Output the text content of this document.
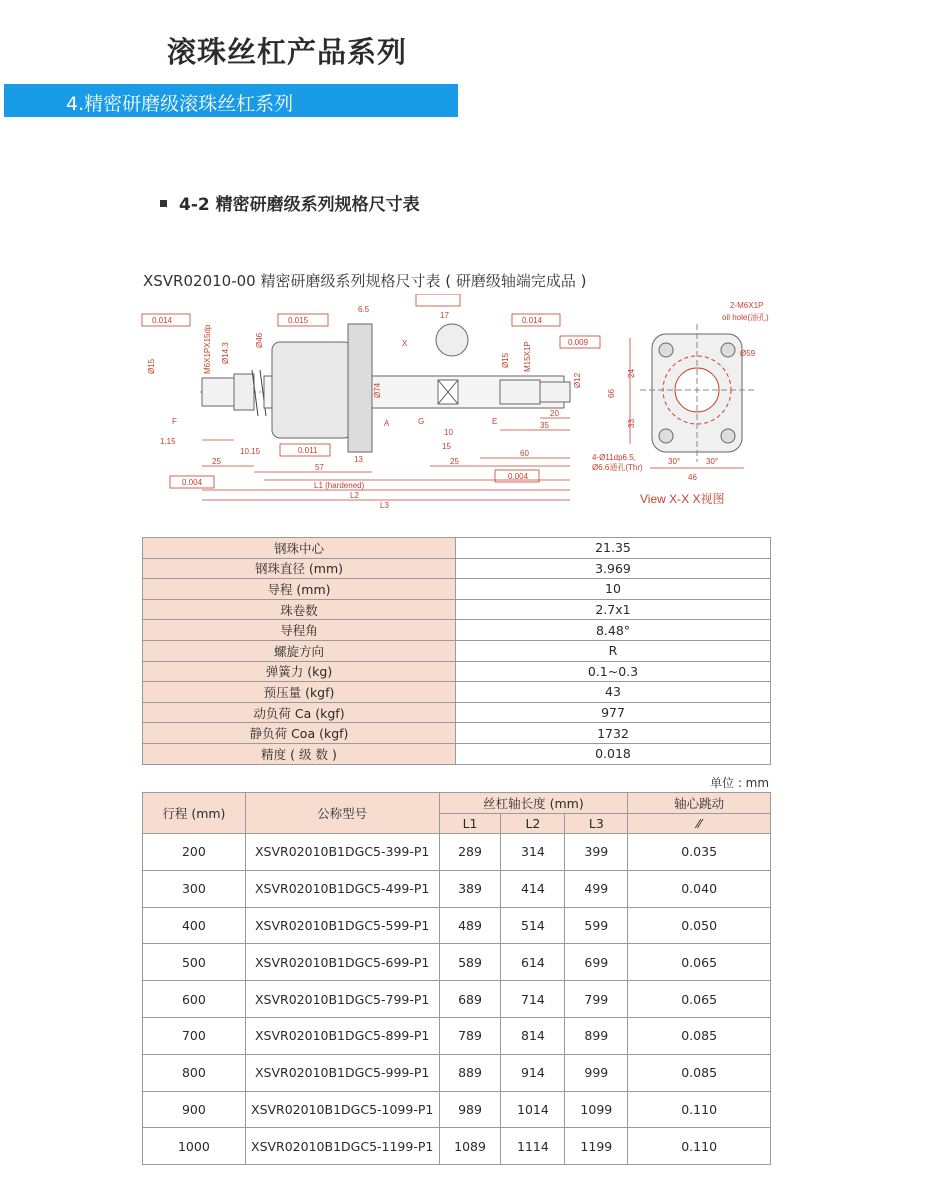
滚珠丝杠产品系列
4.精密研磨级滚珠丝杠系列
4-2 精密研磨级系列规格尺寸表
XSVR02010-00 精密研磨级系列规格尺寸表 ( 研磨级轴端完成品 )
0.014	0.015	0.014
0.009
0.011
0.004
0.004
6.5
17
1.15
25
10.15
57
13
10
15
25
60
20
35
L1 (hardened)
L2
L3
Ø15	M6X1PX15dp Ø14.3
Ø46
Ø74
Ø15 M15X1P
Ø12
F	A	G	E
X
2-M6X1P
oil hole(油孔)
Ø59
66
24
33
4-Ø11dp6.5,
Ø6.6通孔(Thr)
30°	30°
46
View X-X X视图
钢珠中心	21.35
钢珠直径 (mm)	3.969
导程 (mm)	10
珠卷数	2.7x1
导程角	8.48°
螺旋方向	R
弹簧力 (kg)	0.1~0.3
预压量 (kgf)	43
动负荷 Ca (kgf)	977
静负荷 Coa (kgf)	1732
精度 ( 级 数 )	0.018
单位 : mm
行程 (mm)	公称型号	丝杠轴长度 (mm)			轴心跳动
		L1	L2	L3	⁄⁄
200	XSVR02010B1DGC5-399-P1	289	314	399	0.035
300	XSVR02010B1DGC5-499-P1	389	414	499	0.040
400	XSVR02010B1DGC5-599-P1	489	514	599	0.050
500	XSVR02010B1DGC5-699-P1	589	614	699	0.065
600	XSVR02010B1DGC5-799-P1	689	714	799	0.065
700	XSVR02010B1DGC5-899-P1	789	814	899	0.085
800	XSVR02010B1DGC5-999-P1	889	914	999	0.085
900	XSVR02010B1DGC5-1099-P1	989	1014	1099	0.110
1000	XSVR02010B1DGC5-1199-P1	1089	1114	1199	0.110
